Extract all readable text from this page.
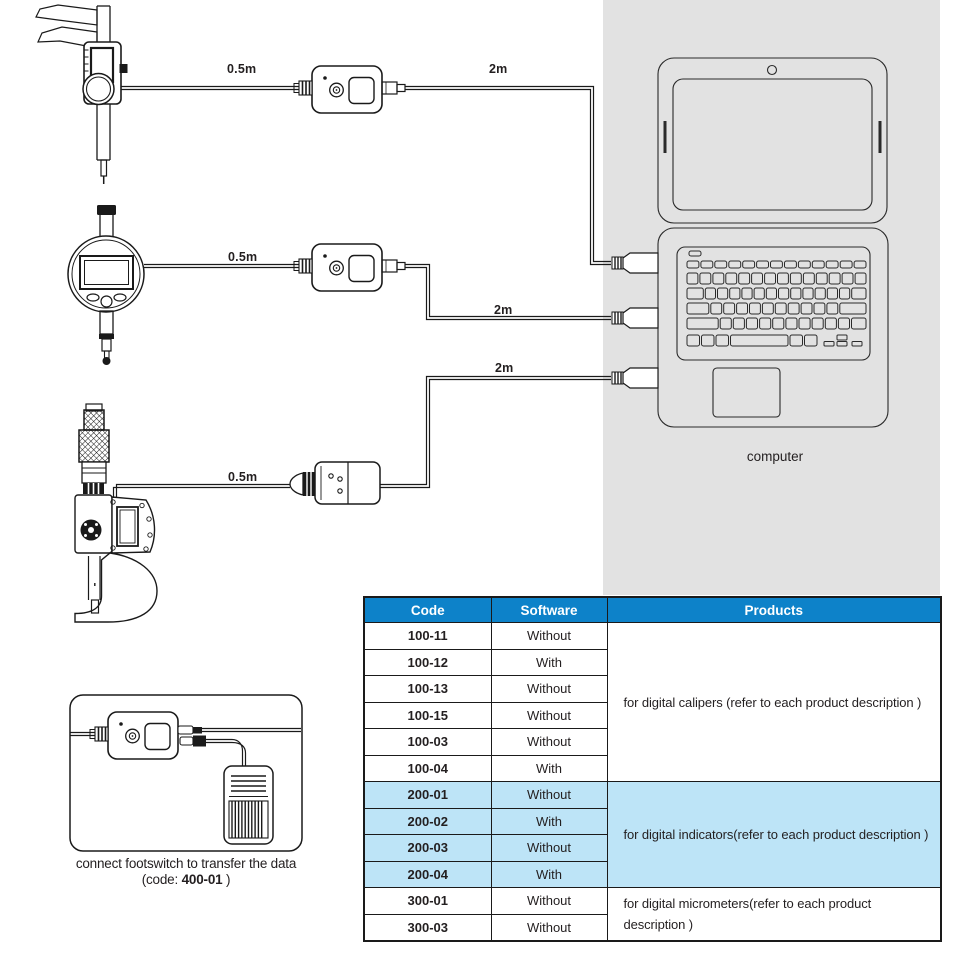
0.5m	2m
0.5m
2m
0.5m
2m
computer
connect footswitch to transfer the data
(code: 400-01 )
Code	Software	Products
100-11	Without	for digital calipers (refer to each product description )
100-12	With	
100-13	Without	
100-15	Without	
100-03	Without	
100-04	With	
200-01	Without	for digital indicators(refer to each product description )
200-02	With	
200-03	Without	
200-04	With	
300-01	Without	for digital micrometers(refer to each product description )
300-03	Without	
